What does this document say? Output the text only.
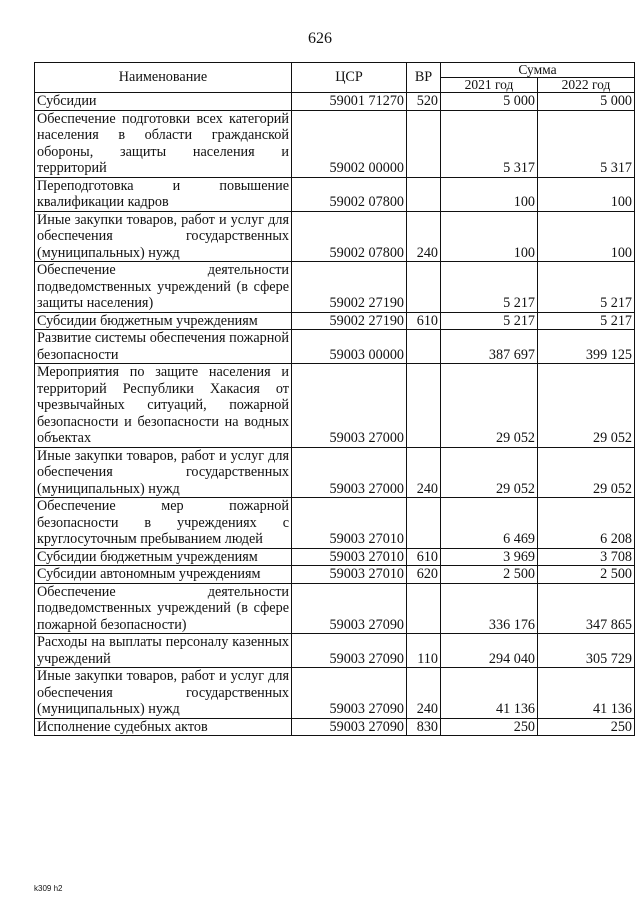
626
Наименование	ЦСР	ВР	Сумма	
			2021 год	2022 год
Субсидии	59001 71270	520	5 000	5 000
Обеспечение подготовки всех категорий населения в области гражданской обороны, защиты населения и территорий	59002 00000		5 317	5 317
Переподготовка и повышение квалификации кадров	59002 07800		100	100
Иные закупки товаров, работ и услуг для обеспечения государственных (муниципальных) нужд	59002 07800	240	100	100
Обеспечение деятельности подведомственных учреждений (в сфере защиты населения)	59002 27190		5 217	5 217
Субсидии бюджетным учреждениям	59002 27190	610	5 217	5 217
Развитие системы обеспечения пожарной безопасности	59003 00000		387 697	399 125
Мероприятия по защите населения и территорий Республики Хакасия от чрезвычайных ситуаций, пожарной безопасности и безопасности на водных объектах	59003 27000		29 052	29 052
Иные закупки товаров, работ и услуг для обеспечения государственных (муниципальных) нужд	59003 27000	240	29 052	29 052
Обеспечение мер пожарной безопасности в учреждениях с круглосуточным пребыванием людей	59003 27010		6 469	6 208
Субсидии бюджетным учреждениям	59003 27010	610	3 969	3 708
Субсидии автономным учреждениям	59003 27010	620	2 500	2 500
Обеспечение деятельности подведомственных учреждений (в сфере пожарной безопасности)	59003 27090		336 176	347 865
Расходы на выплаты персоналу казенных учреждений	59003 27090	110	294 040	305 729
Иные закупки товаров, работ и услуг для обеспечения государственных (муниципальных) нужд	59003 27090	240	41 136	41 136
Исполнение судебных актов	59003 27090	830	250	250
k309 h2
